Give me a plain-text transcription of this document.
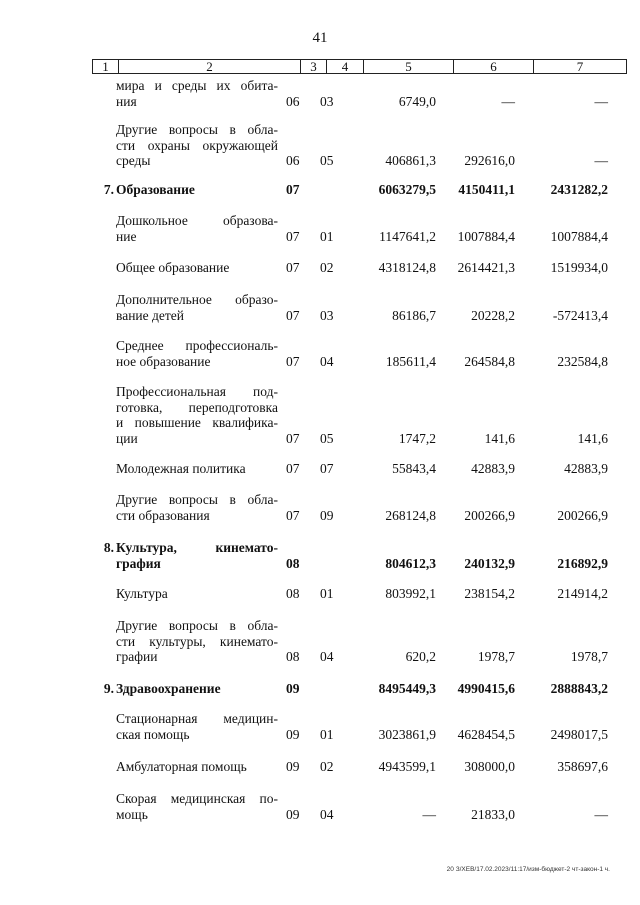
41
1	2	3	4	5	6	7
мира и среды их обита-
ния	06 03	6749,0	—	—
Другие вопросы в обла-
сти охраны окружающей
среды	06 05	406861,3 292616,0	—
7. Образование	07	6063279,5 4150411,1	2431282,2
Дошкольное образова-
ние	07 01	1147641,2 1007884,4	1007884,4
Общее образование	07 02	4318124,8 2614421,3	1519934,0
Дополнительное образо-
вание детей	07 03	86186,7	20228,2	-572413,4
Среднее профессиональ-
ное образование	07 04	185611,4 264584,8	232584,8
Профессиональная под-
готовка, переподготовка
и повышение квалифика-
ции	07 05	1747,2	141,6	141,6
Молодежная политика	07 07	55843,4	42883,9	42883,9
Другие вопросы в обла-
сти образования	07 09	268124,8 200266,9	200266,9
8. Культура, кинемато-
графия	08	804612,3 240132,9	216892,9
Культура	08 01	803992,1 238154,2	214914,2
Другие вопросы в обла-
сти культуры, кинемато-
графии	08 04	620,2	1978,7	1978,7
9. Здравоохранение	09	8495449,3 4990415,6	2888843,2
Стационарная медицин-
ская помощь	09 01	3023861,9 4628454,5	2498017,5
Амбулаторная помощь	09 02	4943599,1 308000,0	358697,6
Скорая медицинская по-
мощь	09 04	—	21833,0	—
20 З/ХЕВ/17.02.2023/11:17/изм-бюджет-2 чт-закон-1 ч.
